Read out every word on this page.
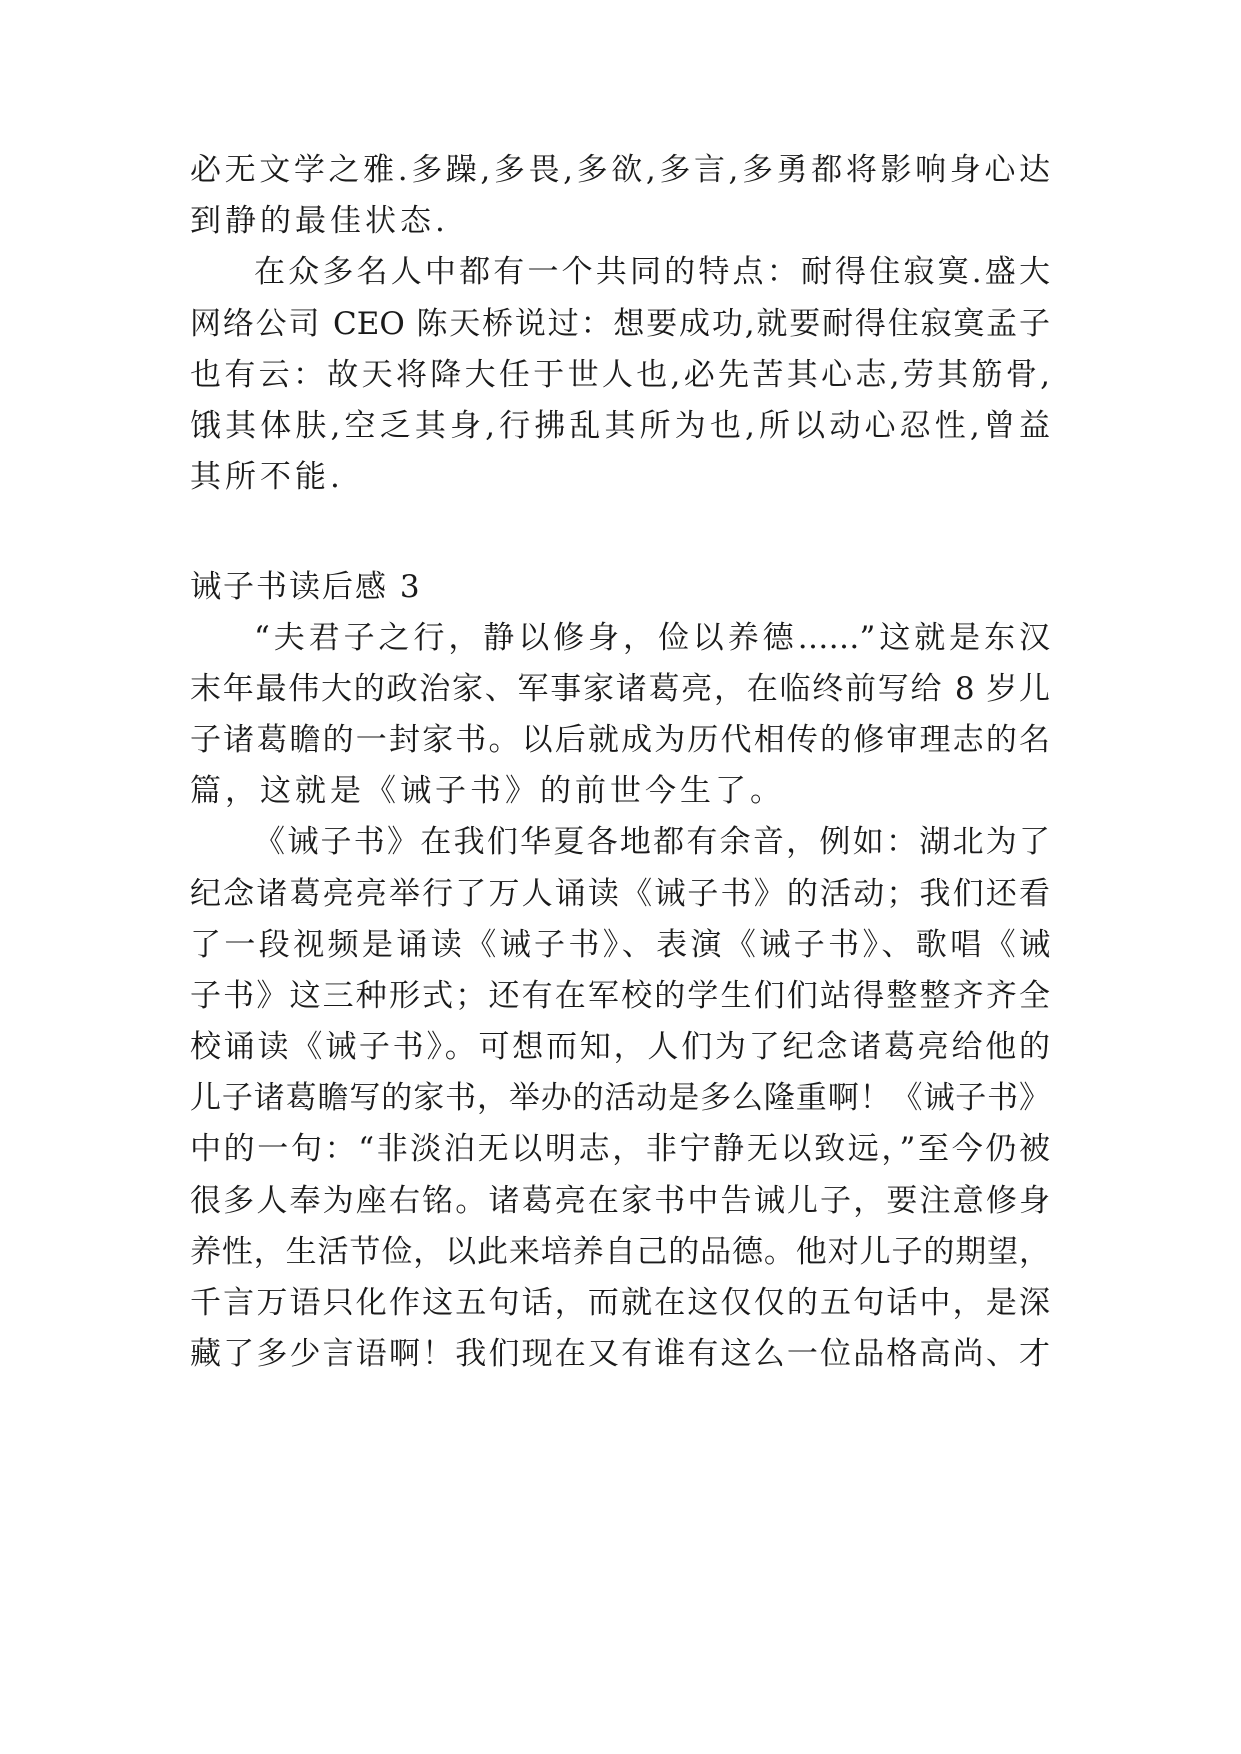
必无文学之雅.多躁,多畏,多欲,多言,多勇都将影响身心达

到静的最佳状态.

在众多名人中都有一个共同的特点：耐得住寂寞.盛大

网络公司 CEO 陈天桥说过：想要成功,就要耐得住寂寞孟子

也有云：故天将降大任于世人也,必先苦其心志,劳其筋骨,

饿其体肤,空乏其身,行拂乱其所为也,所以动心忍性,曾益

其所不能.

诫子书读后感 3

“夫君子之行，静以修身，俭以养德……”这就是东汉

末年最伟大的政治家、军事家诸葛亮，在临终前写给 8 岁儿

子诸葛瞻的一封家书。以后就成为历代相传的修审理志的名

篇，这就是《诫子书》的前世今生了。

《诫子书》在我们华夏各地都有余音，例如：湖北为了

纪念诸葛亮亮举行了万人诵读《诫子书》的活动；我们还看

了一段视频是诵读《诫子书》、表演《诫子书》、歌唱《诫

子书》这三种形式；还有在军校的学生们们站得整整齐齐全

校诵读《诫子书》。可想而知，人们为了纪念诸葛亮给他的

儿子诸葛瞻写的家书，举办的活动是多么隆重啊！《诫子书》

中的一句：“非淡泊无以明志，非宁静无以致远，”至今仍被

很多人奉为座右铭。诸葛亮在家书中告诫儿子，要注意修身

养性，生活节俭，以此来培养自己的品德。他对儿子的期望，

千言万语只化作这五句话，而就在这仅仅的五句话中，是深

藏了多少言语啊！我们现在又有谁有这么一位品格高尚、才
